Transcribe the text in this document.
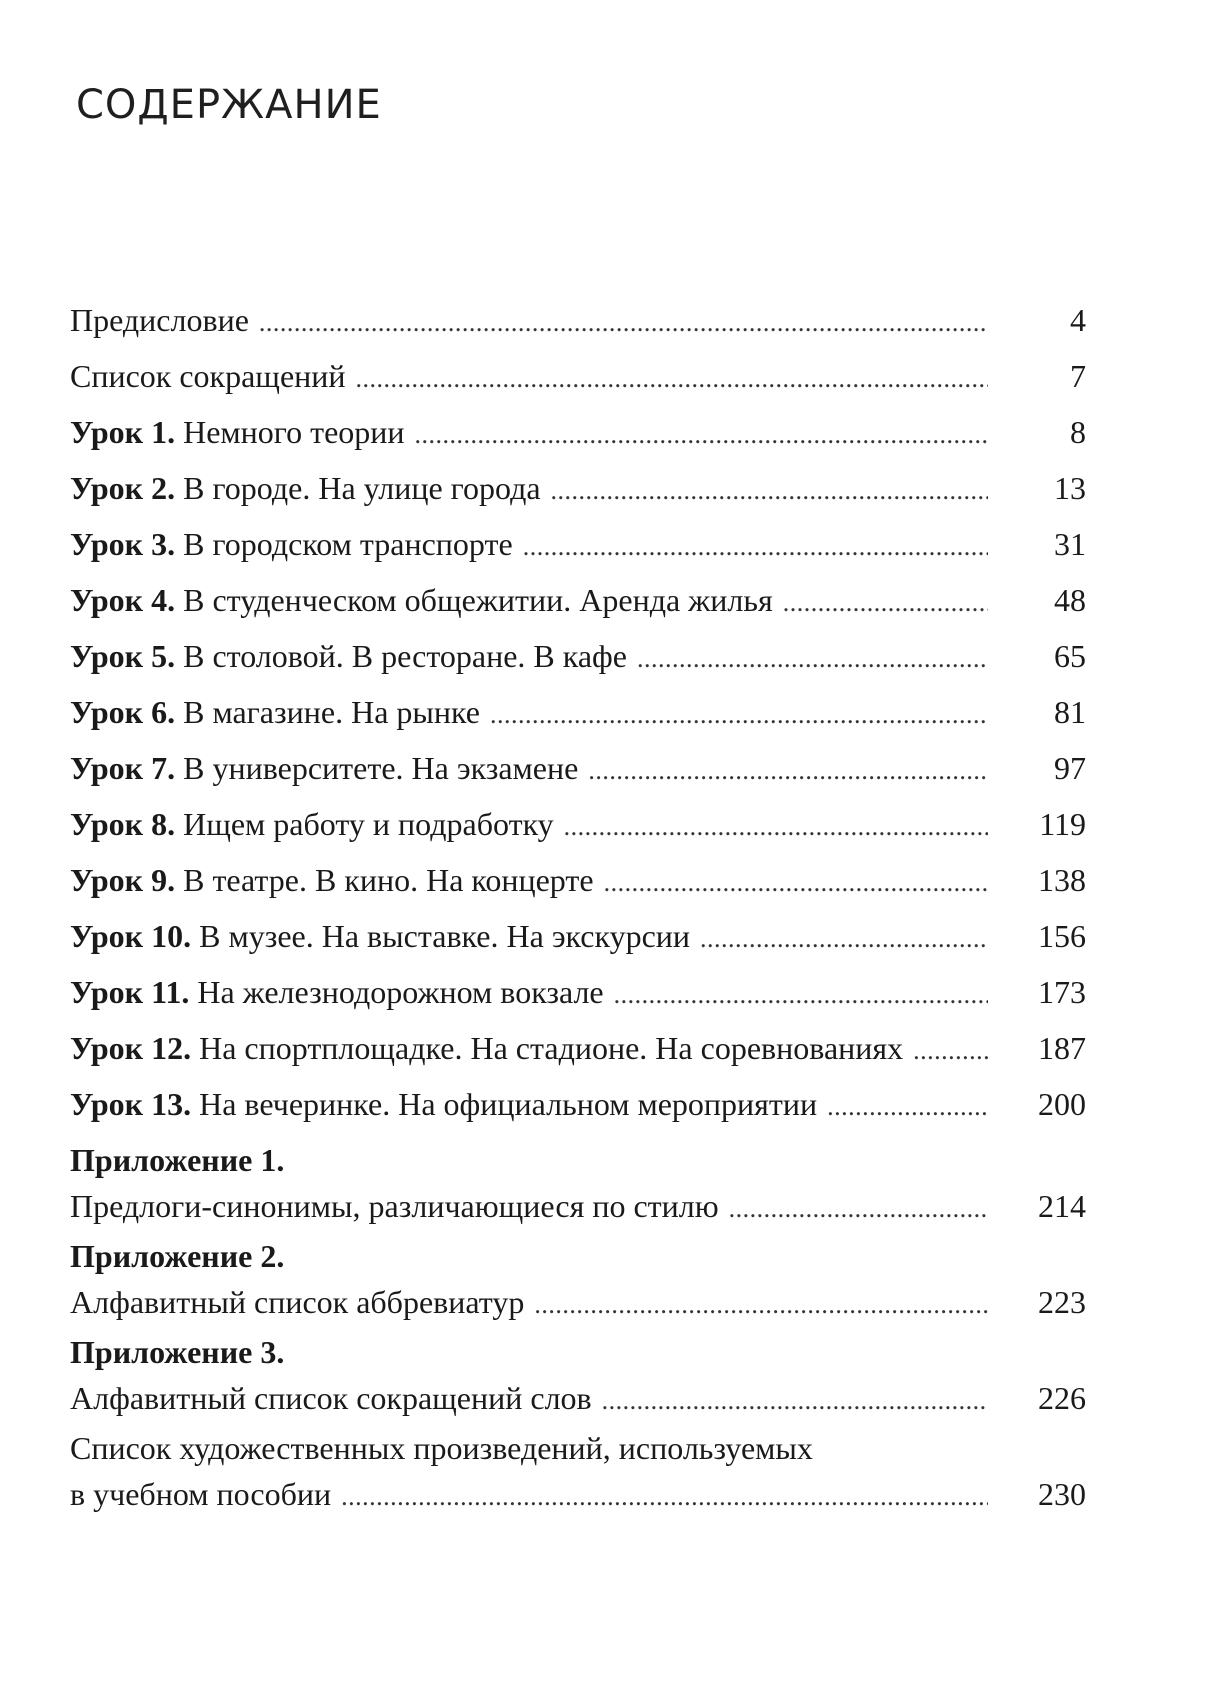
СОДЕРЖАНИЕ
Предисловие . . .	4
Список сокращений . . .	7
Урок 1. Немного теории . . .	8
Урок 2. В городе. На улице города . . .	13
Урок 3. В городском транспорте . . .	31
Урок 4. В студенческом общежитии. Аренда жилья . . .	48
Урок 5. В столовой. В ресторане. В кафе . . .	65
Урок 6. В магазине. На рынке . . .	81
Урок 7. В университете. На экзамене . . .	97
Урок 8. Ищем работу и подработку . . .	119
Урок 9. В театре. В кино. На концерте . . .	138
Урок 10. В музее. На выставке. На экскурсии . . .	156
Урок 11. На железнодорожном вокзале . . .	173
Урок 12. На спортплощадке. На стадионе. На соревнованиях . . .	187
Урок 13. На вечеринке. На официальном мероприятии . . .	200
Приложение 1.
Предлоги-синонимы, различающиеся по стилю . . .	214
Приложение 2.
Алфавитный список аббревиатур . . .	223
Приложение 3.
Алфавитный список сокращений слов . . .	226
Список художественных произведений, используемых
в учебном пособии . . .	230
